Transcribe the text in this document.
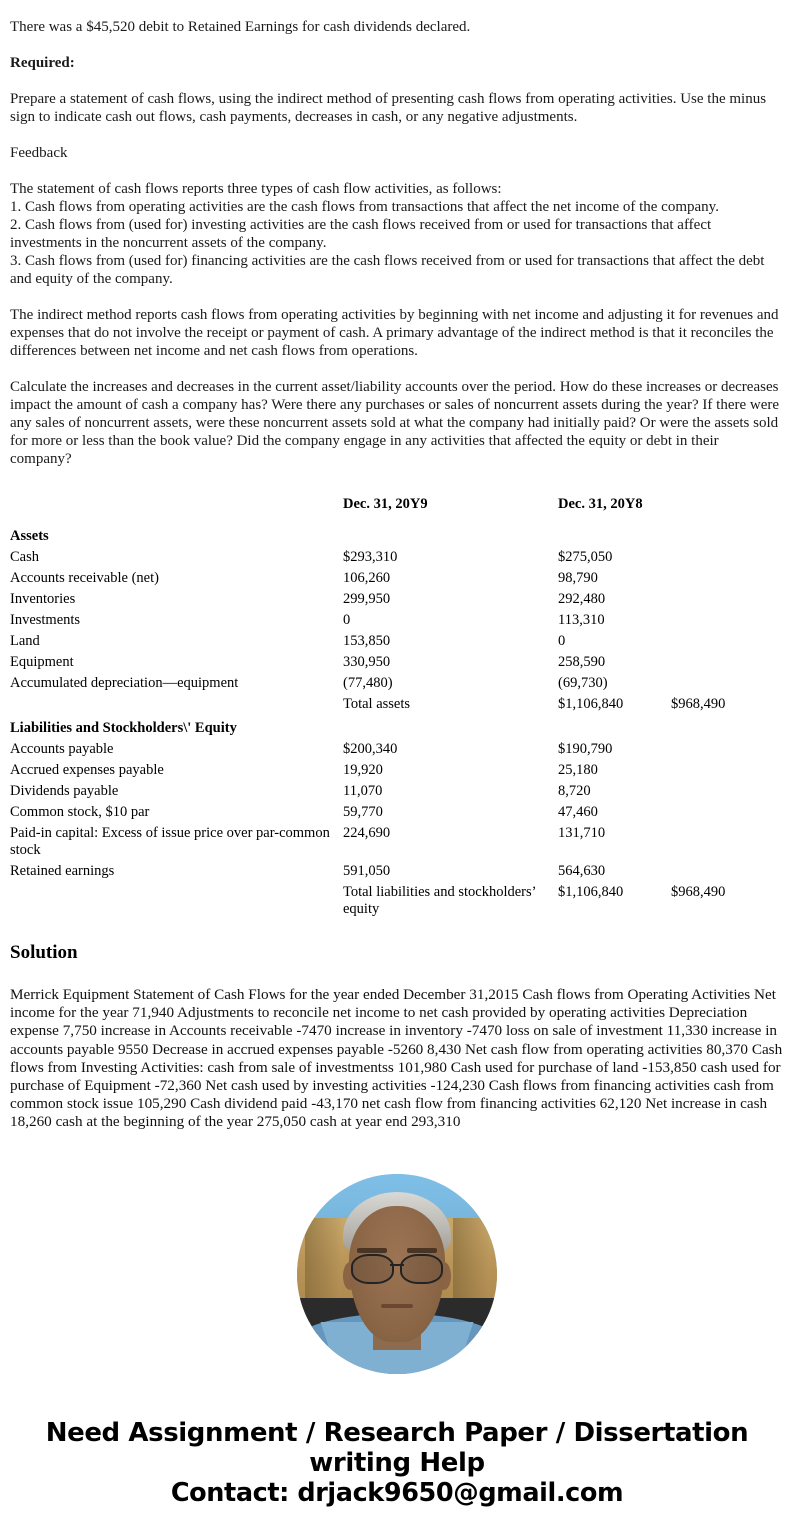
There was a $45,520 debit to Retained Earnings for cash dividends declared.

Required:

Prepare a statement of cash flows, using the indirect method of presenting cash flows from operating activities. Use the minus sign to indicate cash out flows, cash payments, decreases in cash, or any negative adjustments.

Feedback

The statement of cash flows reports three types of cash flow activities, as follows:

1. Cash flows from operating activities are the cash flows from transactions that affect the net income of the company.

2. Cash flows from (used for) investing activities are the cash flows received from or used for transactions that affect investments in the noncurrent assets of the company.

3. Cash flows from (used for) financing activities are the cash flows received from or used for transactions that affect the debt and equity of the company.

The indirect method reports cash flows from operating activities by beginning with net income and adjusting it for revenues and expenses that do not involve the receipt or payment of cash. A primary advantage of the indirect method is that it reconciles the differences between net income and net cash flows from operations.

Calculate the increases and decreases in the current asset/liability accounts over the period. How do these increases or decreases impact the amount of cash a company has? Were there any purchases or sales of noncurrent assets during the year? If there were any sales of noncurrent assets, were these noncurrent assets sold at what the company had initially paid? Or were the assets sold for more or less than the book value? Did the company engage in any activities that affected the equity or debt in their company?

	Dec. 31, 20Y9	Dec. 31, 20Y8	
Assets			
Cash	$293,310	$275,050	
Accounts receivable (net)	106,260	98,790	
Inventories	299,950	292,480	
Investments	0	113,310	
Land	153,850	0	
Equipment	330,950	258,590	
Accumulated depreciation—equipment	(77,480)	(69,730)	
	Total assets	$1,106,840	$968,490
Liabilities and Stockholders\' Equity			
Accounts payable	$200,340	$190,790	
Accrued expenses payable	19,920	25,180	
Dividends payable	11,070	8,720	
Common stock, $10 par	59,770	47,460	
Paid-in capital: Excess of issue price over par-common stock	224,690	131,710	
Retained earnings	591,050	564,630	
	Total liabilities and stockholders’ equity	$1,106,840	$968,490
Solution

Merrick Equipment Statement of Cash Flows for the year ended December 31,2015 Cash flows from Operating Activities Net income for the year 71,940 Adjustments to reconcile net income to net cash provided by operating activities Depreciation expense 7,750 increase in Accounts receivable -7470 increase in inventory -7470 loss on sale of investment 11,330 increase in accounts payable 9550 Decrease in accrued expenses payable -5260 8,430 Net cash flow from operating activities 80,370 Cash flows from Investing Activities: cash from sale of investmentss 101,980 Cash used for purchase of land -153,850 cash used for purchase of Equipment -72,360 Net cash used by investing activities -124,230 Cash flows from financing activities cash from common stock issue 105,290 Cash dividend paid -43,170 net cash flow from financing activities 62,120 Net increase in cash 18,260 cash at the beginning of the year 275,050 cash at year end 293,310

Need Assignment / Research Paper / Dissertation
writing Help
Contact: drjack9650@gmail.com
